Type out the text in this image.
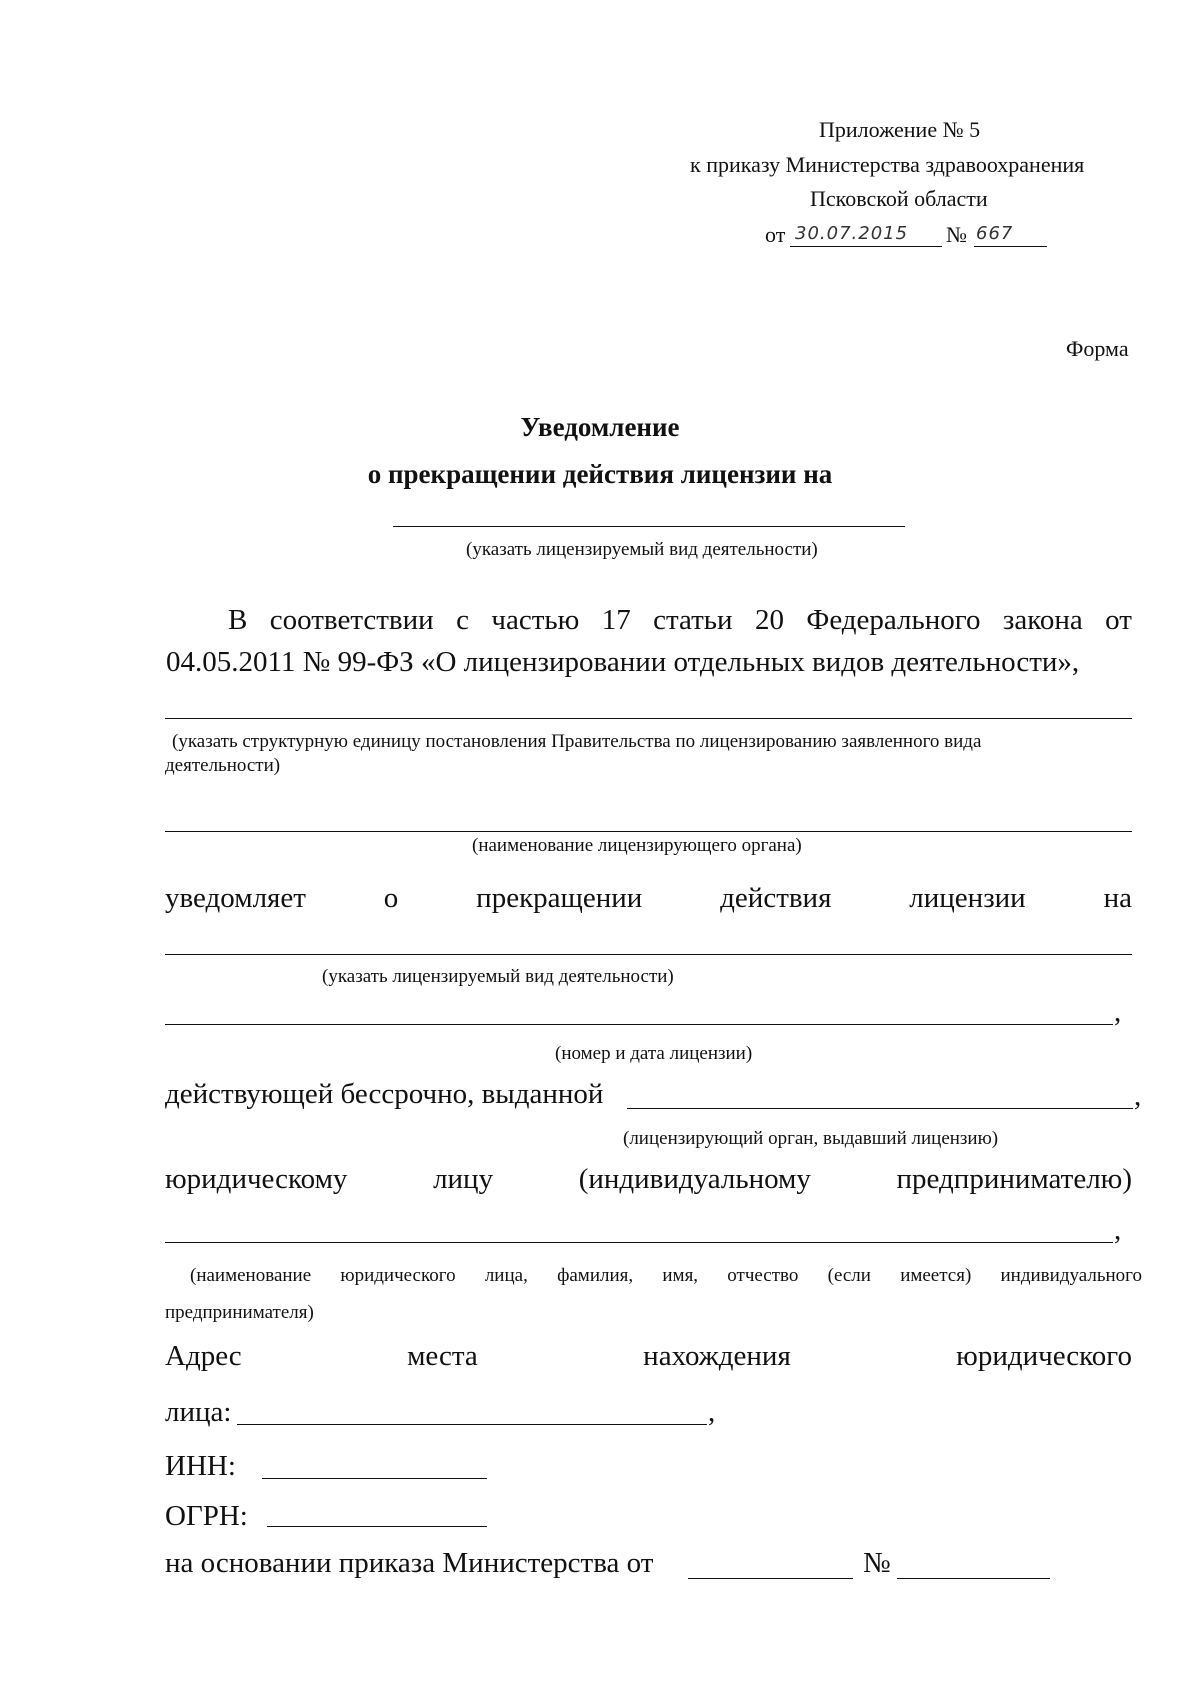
Приложение № 5
к приказу Министерства здравоохранения
Псковской области
от 30.07.2015 № 667
Форма
Уведомление
о прекращении действия лицензии на
(указать лицензируемый вид деятельности)
В соответствии с частью 17 статьи 20 Федерального закона от
04.05.2011 № 99-ФЗ «О лицензировании отдельных видов деятельности»,
(указать структурную единицу постановления Правительства по лицензированию заявленного вида
деятельности)
(наименование лицензирующего органа)
уведомляет	о	прекращении	действия	лицензии	на
(указать лицензируемый вид деятельности)
,
(номер и дата лицензии)
действующей бессрочно, выданной	,
(лицензирующий орган, выдавший лицензию)
юридическому	лицу	(индивидуальному	предпринимателю)
,
(наименование юридического лица, фамилия, имя, отчество (если имеется) индивидуального
предпринимателя)
Адрес	места	нахождения	юридического
лица:	,
ИНН:
ОГРН:
на основании приказа Министерства от	№
